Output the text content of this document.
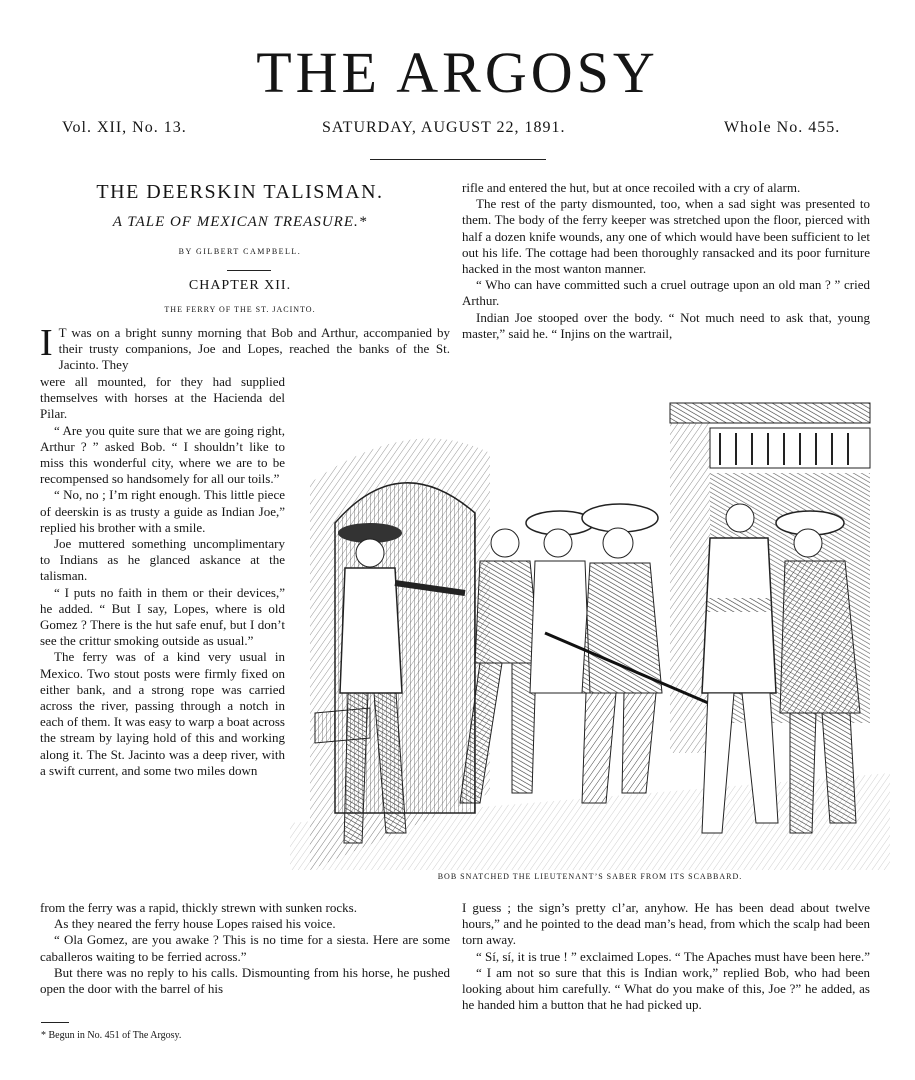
THE ARGOSY
Vol. XII, No. 13.	SATURDAY, AUGUST 22, 1891.	Whole No. 455.
THE DEERSKIN TALISMAN.
A TALE OF MEXICAN TREASURE.*
BY GILBERT CAMPBELL.
CHAPTER XII.
THE FERRY OF THE ST. JACINTO.
I T was on a bright sunny morning that Bob and Arthur, accompanied by their trusty companions, Joe and Lopes, reached the banks of the St. Jacinto. They

were all mounted, for they had supplied themselves with horses at the Hacienda del Pilar.

“ Are you quite sure that we are going right, Arthur ? ” asked Bob. “ I shouldn’t like to miss this wonderful city, where we are to be recompensed so handsomely for all our toils.”

“ No, no ; I’m right enough. This little piece of deerskin is as trusty a guide as Indian Joe,” replied his brother with a smile.

Joe muttered something uncomplimentary to Indians as he glanced askance at the talisman.

“ I puts no faith in them or their devices,” he added. “ But I say, Lopes, where is old Gomez ? There is the hut safe enuf, but I don’t see the crittur smoking outside as usual.”

The ferry was of a kind very usual in Mexico. Two stout posts were firmly fixed on either bank, and a strong rope was carried across the river, passing through a notch in each of them. It was easy to warp a boat across the stream by laying hold of this and working along it. The St. Jacinto was a deep river, with a swift current, and some two miles down

from the ferry was a rapid, thickly strewn with sunken rocks.

As they neared the ferry house Lopes raised his voice.

“ Ola Gomez, are you awake ? This is no time for a siesta. Here are some caballeros waiting to be ferried across.”

But there was no reply to his calls. Dismounting from his horse, he pushed open the door with the barrel of his

rifle and entered the hut, but at once recoiled with a cry of alarm.

The rest of the party dismounted, too, when a sad sight was presented to them. The body of the ferry keeper was stretched upon the floor, pierced with half a dozen knife wounds, any one of which would have been sufficient to let out his life. The cottage had been thoroughly ransacked and its poor furniture hacked in the most wanton manner.

“ Who can have committed such a cruel outrage upon an old man ? ” cried Arthur.

Indian Joe stooped over the body. “ Not much need to ask that, young master,” said he. “ Injins on the wartrail,

BOB SNATCHED THE LIEUTENANT’S SABER FROM ITS SCABBARD.

I guess ; the sign’s pretty cl’ar, anyhow. He has been dead about twelve hours,” and he pointed to the dead man’s head, from which the scalp had been torn away.

“ Sí, sí, it is true ! ” exclaimed Lopes. “ The Apaches must have been here.”

“ I am not so sure that this is Indian work,” replied Bob, who had been looking about him carefully. “ What do you make of this, Joe ?” he added, as he handed him a button that he had picked up.

* Begun in No. 451 of The Argosy.
